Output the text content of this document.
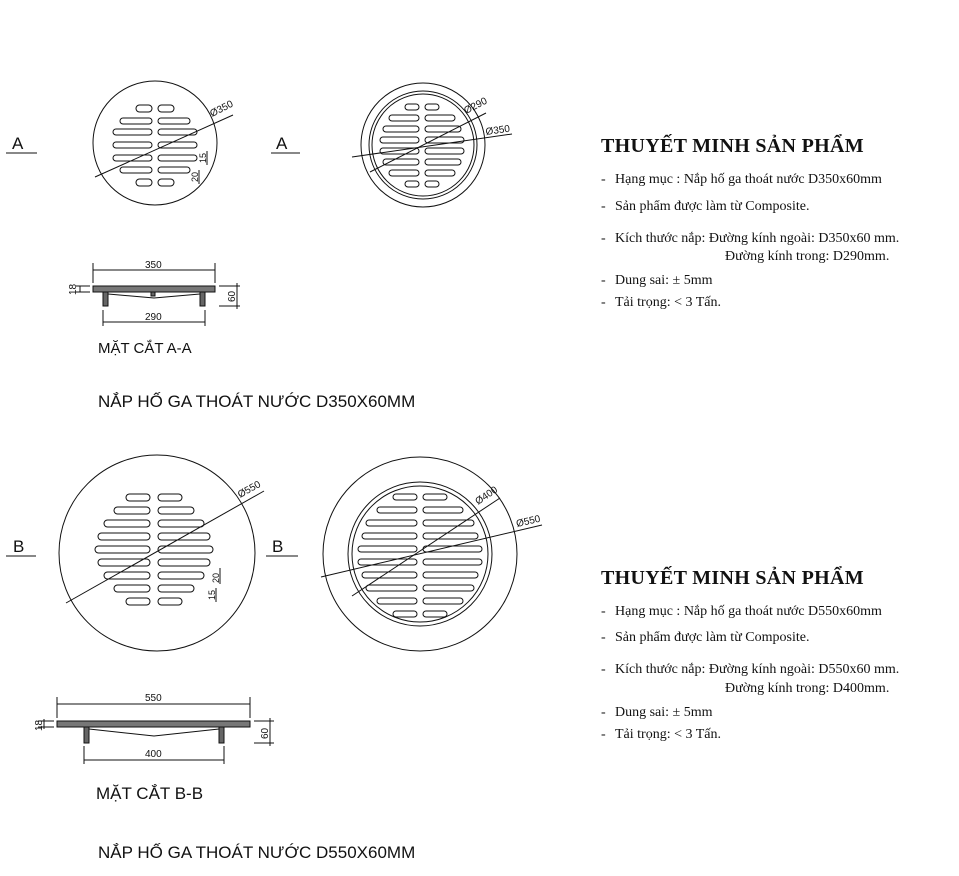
A	A
Ø350
15
20
Ø290
Ø350
350
290
18
60
B	B
Ø550
20
15
Ø400
Ø550
550
400
18
60
MẶT CẮT A-A
NẮP HỐ GA THOÁT NƯỚC D350X60MM
MẶT CẮT B-B
NẮP HỐ GA THOÁT NƯỚC D550X60MM
THUYẾT MINH SẢN PHẨM
- Hạng mục : Nắp hố ga thoát nước D350x60mm
- Sản phẩm được làm từ Composite.
- Kích thước nắp: Đường kính ngoài: D350x60 mm.
Đường kính trong: D290mm.
- Dung sai: ± 5mm
- Tải trọng: < 3 Tấn.
THUYẾT MINH SẢN PHẨM
- Hạng mục : Nắp hố ga thoát nước D550x60mm
- Sản phẩm được làm từ Composite.
- Kích thước nắp: Đường kính ngoài: D550x60 mm.
Đường kính trong: D400mm.
- Dung sai: ± 5mm
- Tải trọng: < 3 Tấn.
